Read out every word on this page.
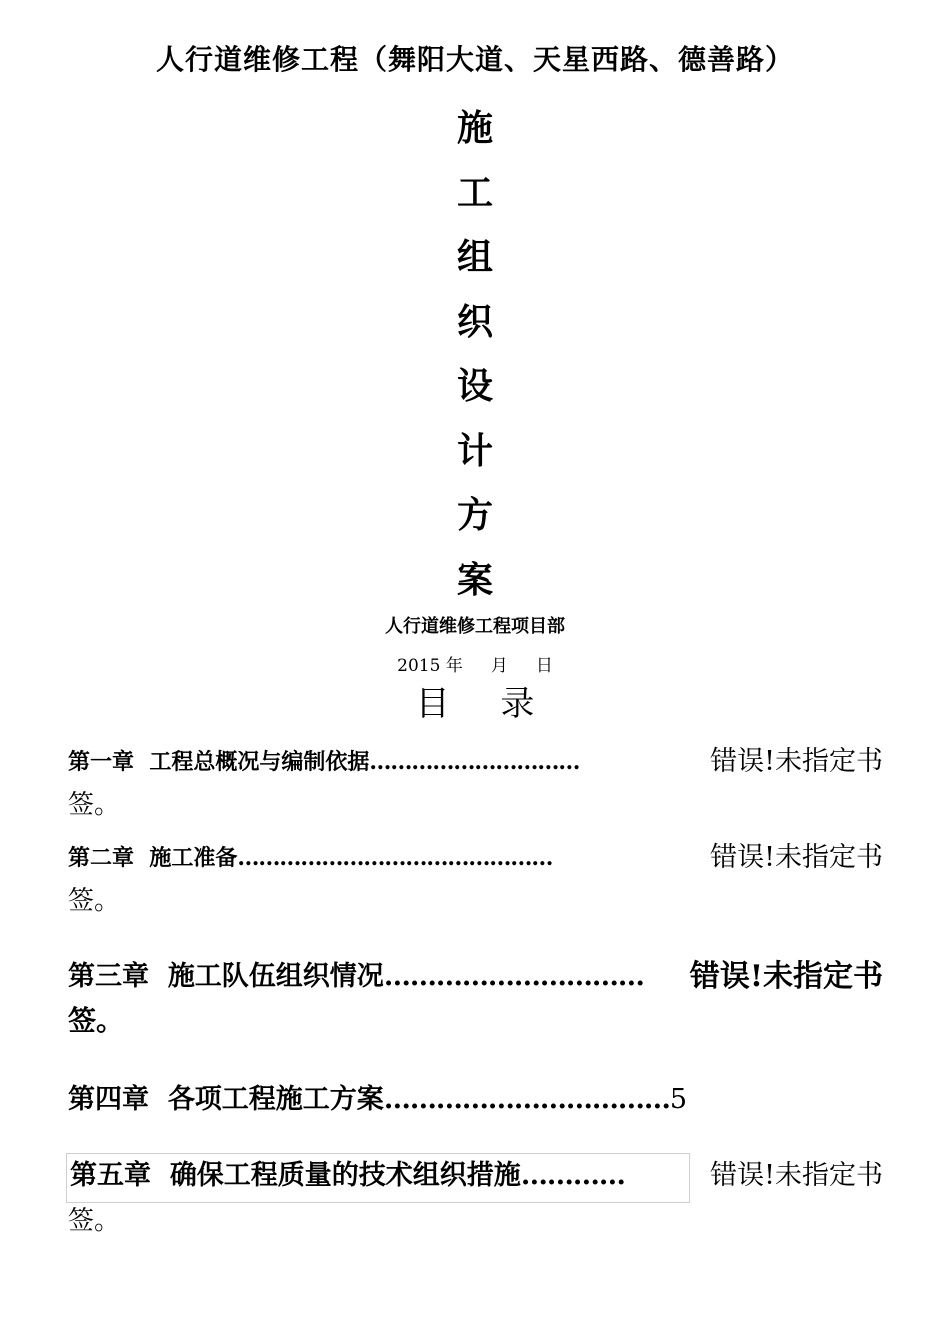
人行道维修工程（舞阳大道、天星西路、德善路）
施
工
组
织
设
计
方
案
人行道维修工程项目部
2015 年 月 日
目 录
第一章 工程总概况与编制依据…………………………	错误!未指定书
签。
第二章 施工准备………………………………………	错误!未指定书
签。
第三章 施工队伍组织情况………………………… 错误!未指定书
签。
第四章 各项工程施工方案……………………………5
第五章 确保工程质量的技术组织措施…………	错误!未指定书
签。
